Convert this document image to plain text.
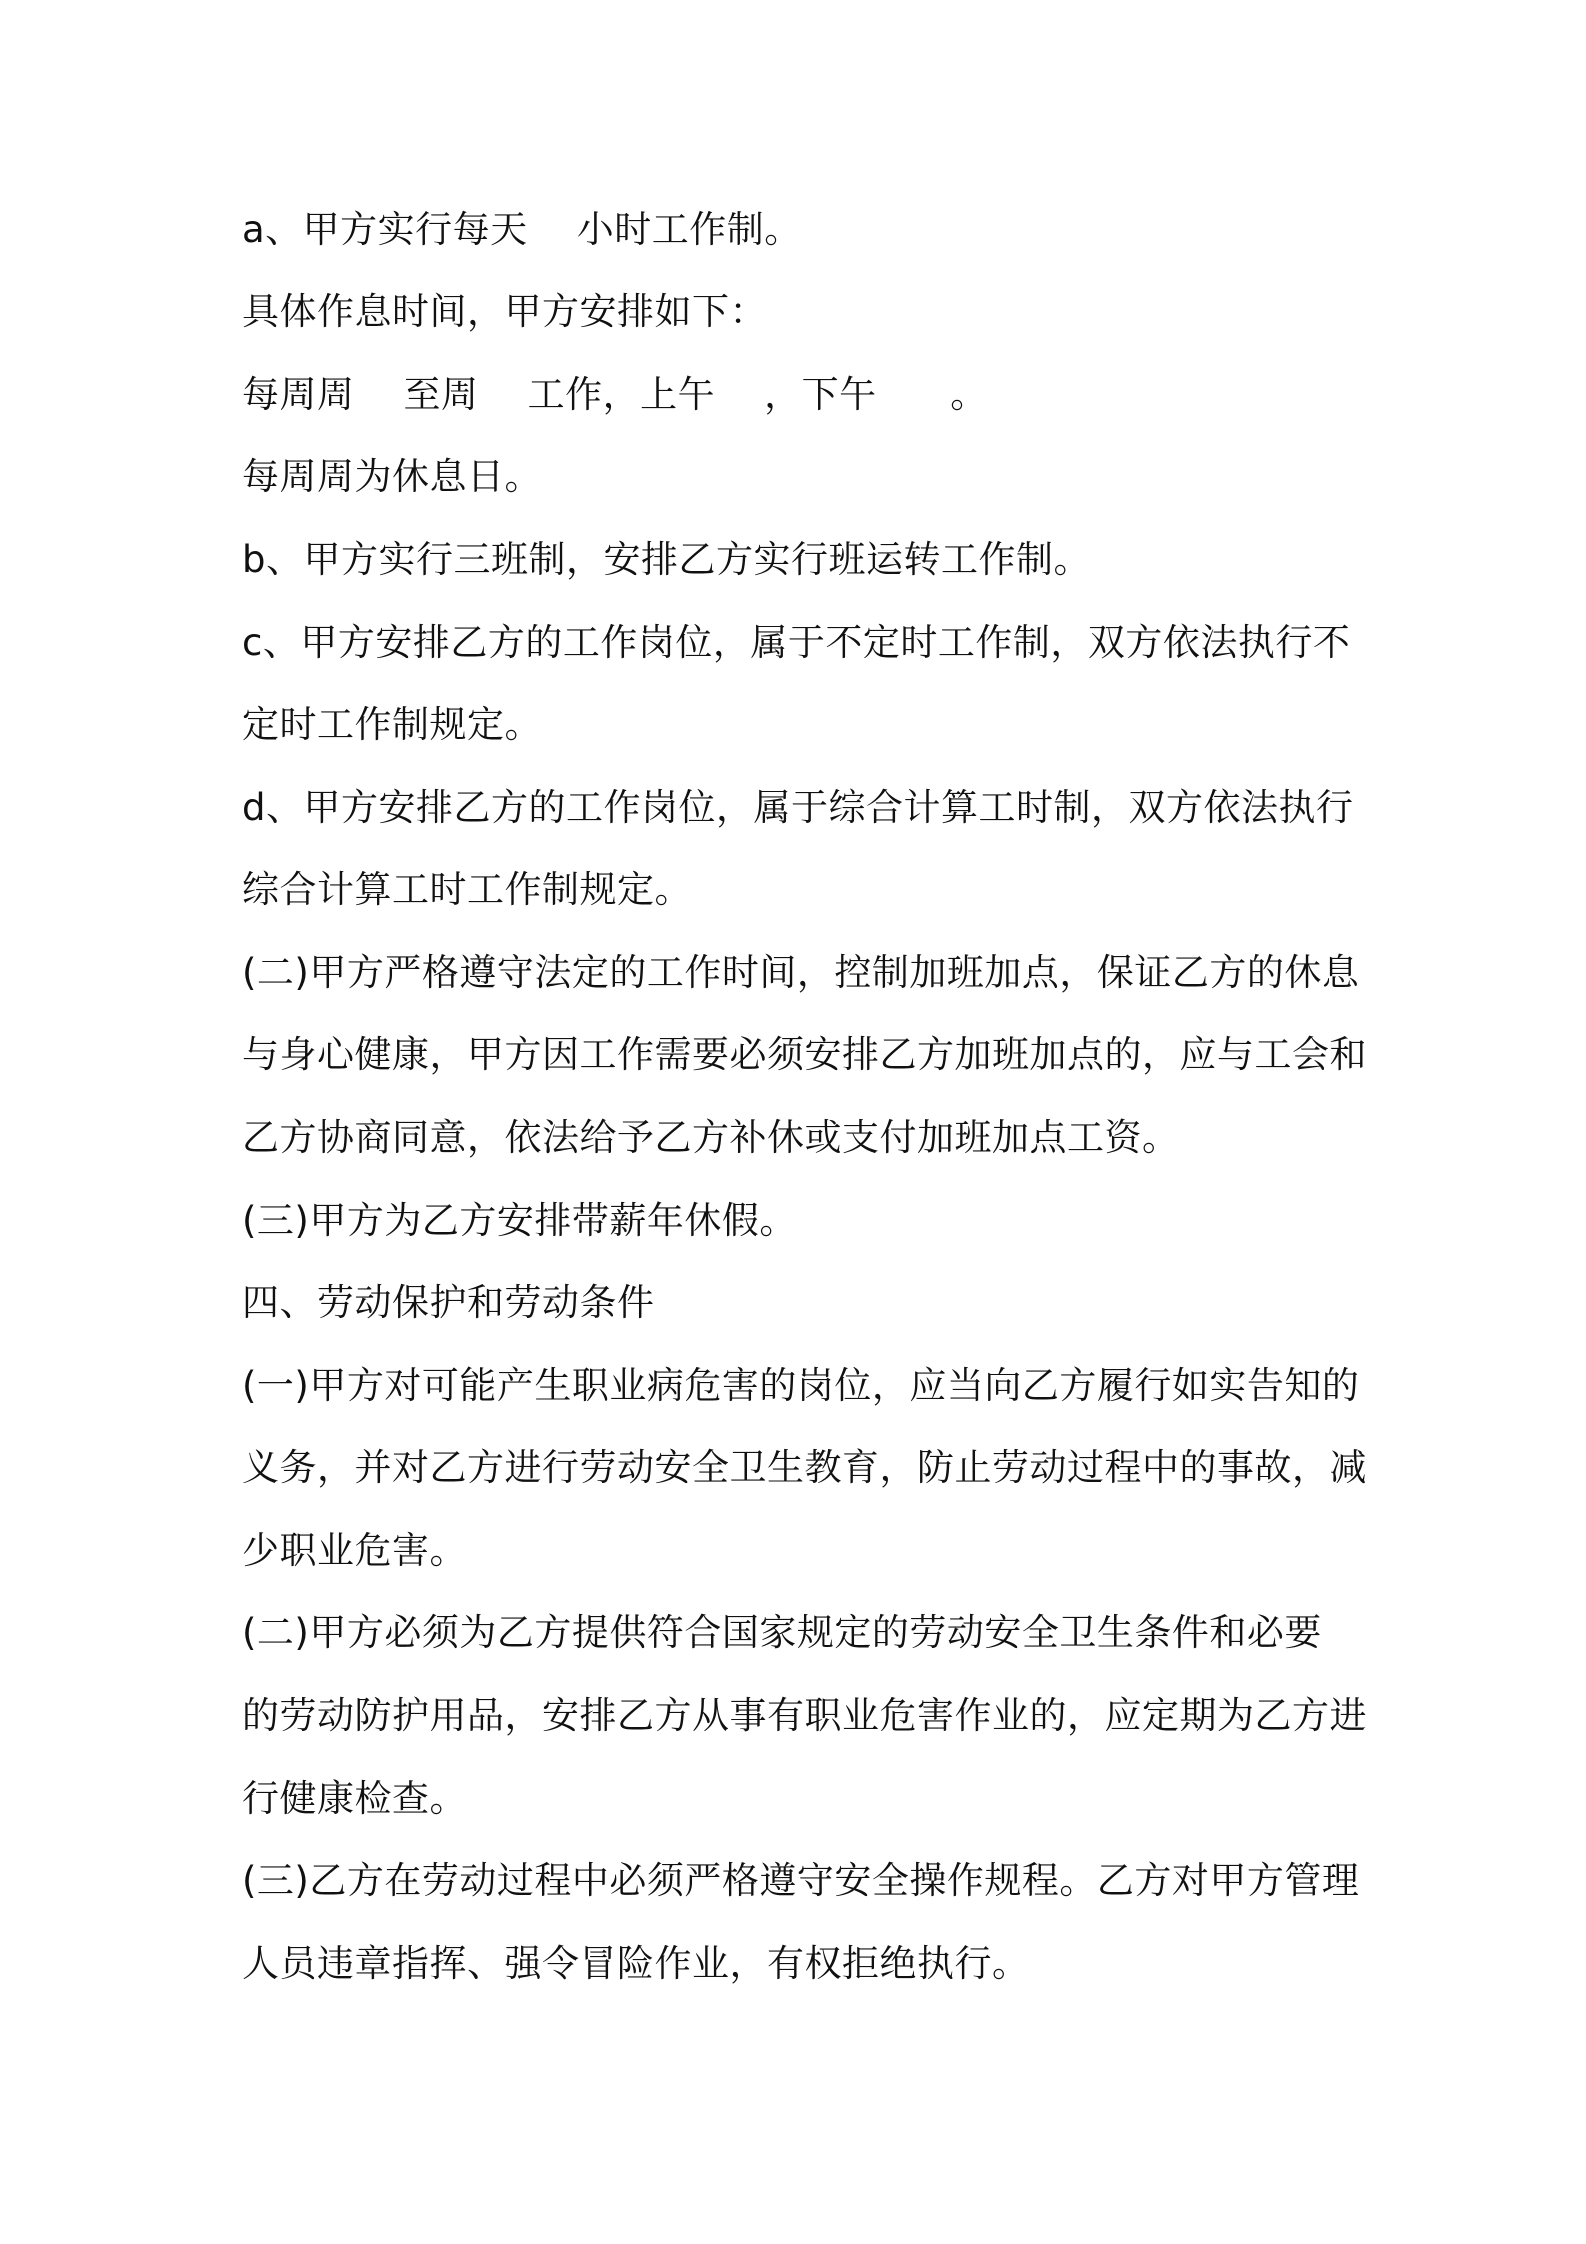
a、甲方实行每天    小时工作制。
具体作息时间，甲方安排如下：
每周周    至周    工作，上午    ，下午      。
每周周为休息日。
b、甲方实行三班制，安排乙方实行班运转工作制。
c、甲方安排乙方的工作岗位，属于不定时工作制，双方依法执行不
定时工作制规定。
d、甲方安排乙方的工作岗位，属于综合计算工时制，双方依法执行
综合计算工时工作制规定。
(二)甲方严格遵守法定的工作时间，控制加班加点，保证乙方的休息
与身心健康，甲方因工作需要必须安排乙方加班加点的，应与工会和
乙方协商同意，依法给予乙方补休或支付加班加点工资。
(三)甲方为乙方安排带薪年休假。
四、劳动保护和劳动条件
(一)甲方对可能产生职业病危害的岗位，应当向乙方履行如实告知的
义务，并对乙方进行劳动安全卫生教育，防止劳动过程中的事故，减
少职业危害。
(二)甲方必须为乙方提供符合国家规定的劳动安全卫生条件和必要
的劳动防护用品，安排乙方从事有职业危害作业的，应定期为乙方进
行健康检查。
(三)乙方在劳动过程中必须严格遵守安全操作规程。乙方对甲方管理
人员违章指挥、强令冒险作业，有权拒绝执行。
